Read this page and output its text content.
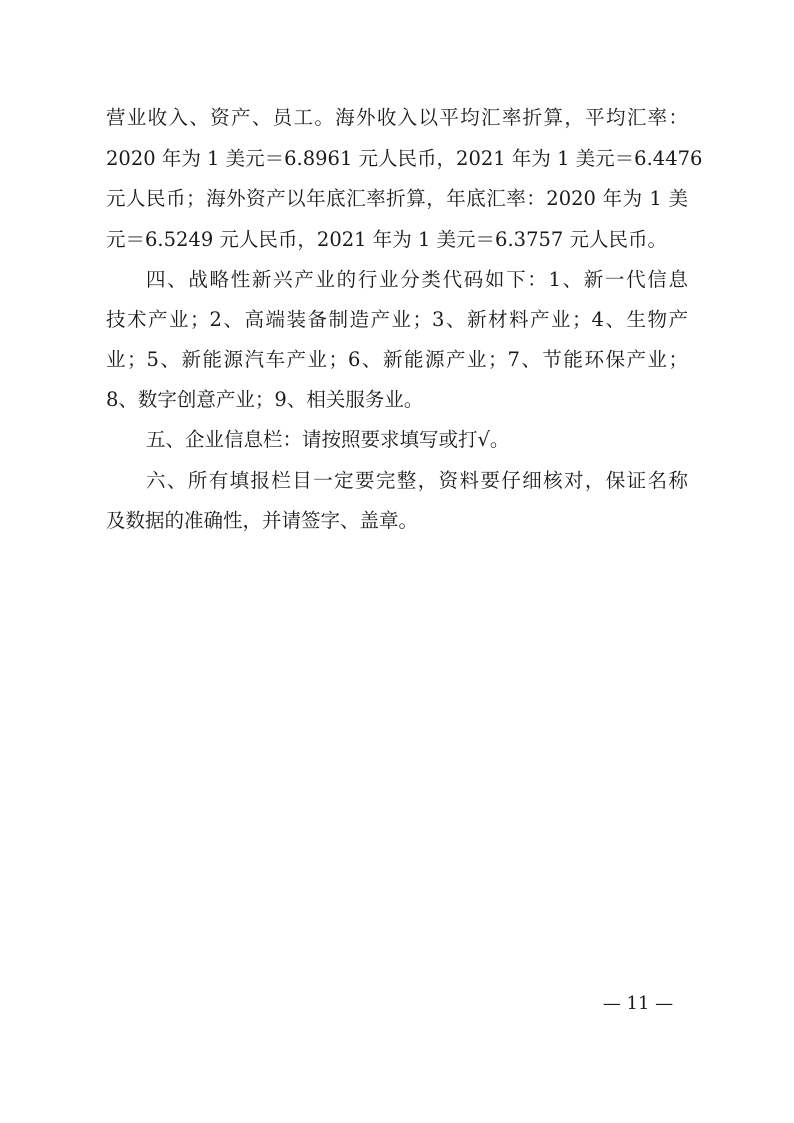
营业收入、资产、员工。海外收入以平均汇率折算，平均汇率：
2020 年为 1 美元＝6.8961 元人民币，2021 年为 1 美元＝6.4476
元人民币；海外资产以年底汇率折算，年底汇率：2020 年为 1 美
元＝6.5249 元人民币，2021 年为 1 美元＝6.3757 元人民币。
四、战略性新兴产业的行业分类代码如下：1、新一代信息
技术产业；2、高端装备制造产业；3、新材料产业；4、生物产
业；5、新能源汽车产业；6、新能源产业；7、节能环保产业；
8、数字创意产业；9、相关服务业。
五、企业信息栏：请按照要求填写或打√。
六、所有填报栏目一定要完整，资料要仔细核对，保证名称
及数据的准确性，并请签字、盖章。
— 11 —
